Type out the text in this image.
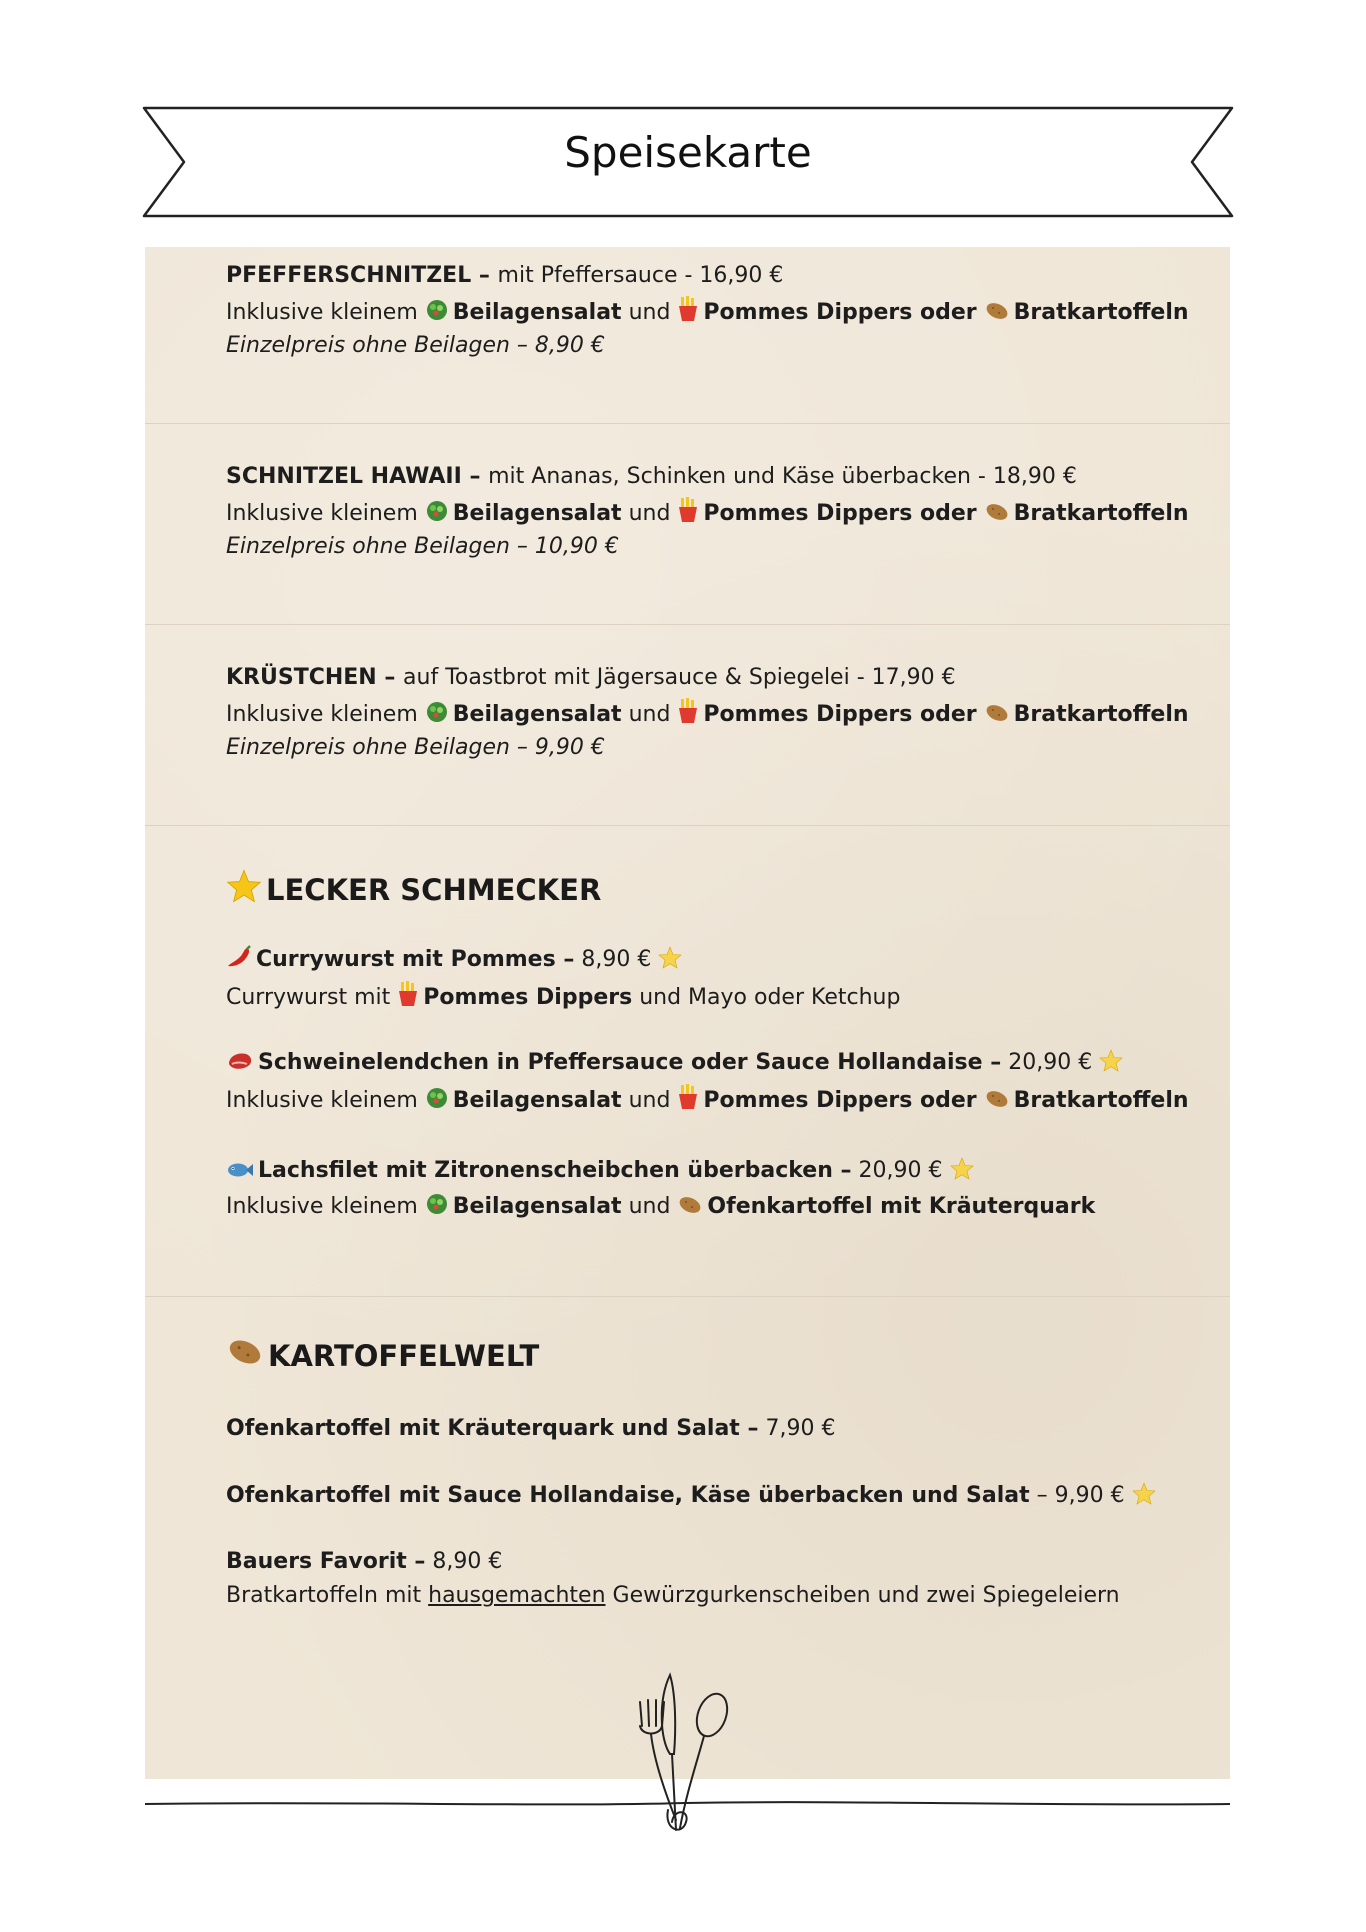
Speisekarte
PFEFFERSCHNITZEL – mit Pfeffersauce - 16,90 €
Inklusive kleinem Beilagensalat und Pommes Dippers oder Bratkartoffeln
Einzelpreis ohne Beilagen – 8,90 €
SCHNITZEL HAWAII – mit Ananas, Schinken und Käse überbacken - 18,90 €
Inklusive kleinem Beilagensalat und Pommes Dippers oder Bratkartoffeln
Einzelpreis ohne Beilagen – 10,90 €
KRÜSTCHEN – auf Toastbrot mit Jägersauce & Spiegelei - 17,90 €
Inklusive kleinem Beilagensalat und Pommes Dippers oder Bratkartoffeln
Einzelpreis ohne Beilagen – 9,90 €
LECKER SCHMECKER
Currywurst mit Pommes – 8,90 €
Currywurst mit Pommes Dippers und Mayo oder Ketchup
Schweinelendchen in Pfeffersauce oder Sauce Hollandaise – 20,90 €
Inklusive kleinem Beilagensalat und Pommes Dippers oder Bratkartoffeln
Lachsfilet mit Zitronenscheibchen überbacken – 20,90 €
Inklusive kleinem Beilagensalat und Ofenkartoffel mit Kräuterquark
KARTOFFELWELT
Ofenkartoffel mit Kräuterquark und Salat – 7,90 €
Ofenkartoffel mit Sauce Hollandaise, Käse überbacken und Salat – 9,90 €
Bauers Favorit – 8,90 €
Bratkartoffeln mit hausgemachten Gewürzgurkenscheiben und zwei Spiegeleiern
